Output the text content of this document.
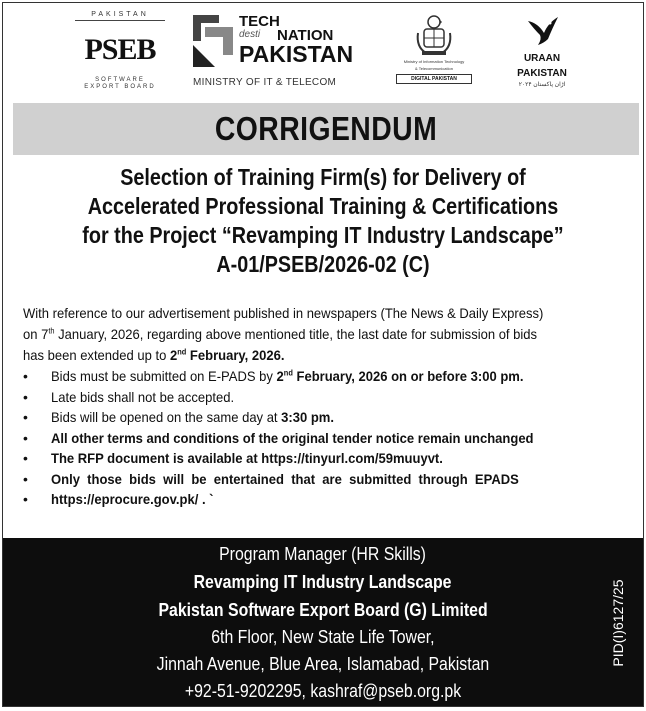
PAKISTAN
PSEB
SOFTWARE
EXPORT BOARD
TECH
desti NATION
PAKISTAN
MINISTRY OF IT & TELECOM
Ministry of Information Technology
& Telecommunication
DIGITAL PAKISTAN
URAAN
PAKISTAN
اڑان پاکستان ۲۰۲۴
CORRIGENDUM
Selection of Training Firm(s) for Delivery of
Accelerated Professional Training & Certifications
for the Project “Revamping IT Industry Landscape”
A-01/PSEB/2026-02 (C)
With reference to our advertisement published in newspapers (The News & Daily Express)
on 7th January, 2026, regarding above mentioned title, the last date for submission of bids
has been extended up to 2nd February, 2026.
• Bids must be submitted on E-PADS by 2nd February, 2026 on or before 3:00 pm.
• Late bids shall not be accepted.
• Bids will be opened on the same day at 3:30 pm.
• All other terms and conditions of the original tender notice remain unchanged
• The RFP document is available at https://tinyurl.com/59muuyvt.
• Only  those  bids  will  be  entertained  that  are  submitted  through  EPADS
• https://eprocure.gov.pk/ . `
Program Manager (HR Skills)
Revamping IT Industry Landscape
Pakistan Software Export Board (G) Limited
6th Floor, New State Life Tower,
Jinnah Avenue, Blue Area, Islamabad, Pakistan
+92-51-9202295, kashraf@pseb.org.pk
PID(I)6127/25
